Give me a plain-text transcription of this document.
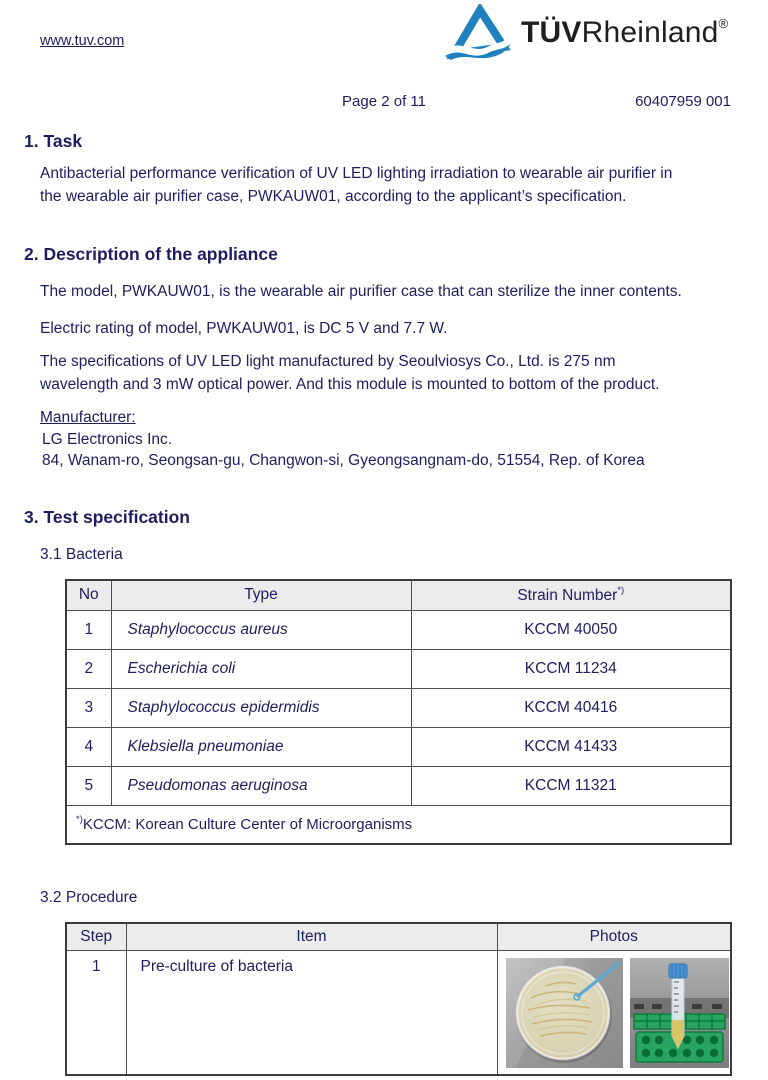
www.tuv.com	TÜVRheinland®
Page 2 of 11	60407959 001
1. Task
Antibacterial performance verification of UV LED lighting irradiation to wearable air purifier in
the wearable air purifier case, PWKAUW01, according to the applicant’s specification.
2. Description of the appliance
The model, PWKAUW01, is the wearable air purifier case that can sterilize the inner contents.
Electric rating of model, PWKAUW01, is DC 5 V and 7.7 W.
The specifications of UV LED light manufactured by Seoulviosys Co., Ltd. is 275 nm
wavelength and 3 mW optical power. And this module is mounted to bottom of the product.
Manufacturer:
LG Electronics Inc.
84, Wanam-ro, Seongsan-gu, Changwon-si, Gyeongsangnam-do, 51554, Rep. of Korea
3. Test specification
3.1 Bacteria
No	Type	Strain Number*)
1	Staphylococcus aureus	KCCM 40050
2	Escherichia coli	KCCM 11234
3	Staphylococcus epidermidis	KCCM 40416
4	Klebsiella pneumoniae	KCCM 41433
5	Pseudomonas aeruginosa	KCCM 11321
*)KCCM: Korean Culture Center of Microorganisms		
3.2 Procedure
Step	Item	Photos
1	Pre-culture of bacteria	
